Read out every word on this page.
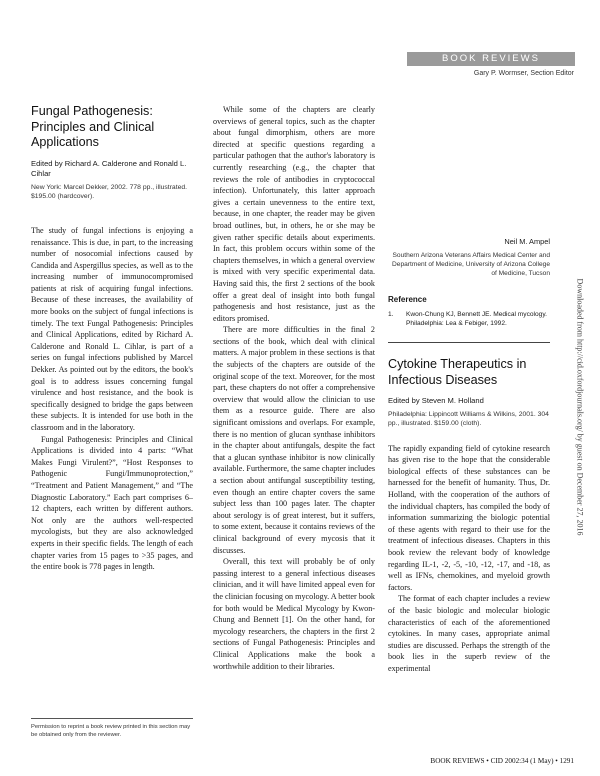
BOOK REVIEWS
Gary P. Wormser, Section Editor
Fungal Pathogenesis: Principles and Clinical Applications
Edited by Richard A. Calderone and Ronald L. Cihlar
New York: Marcel Dekker, 2002. 778 pp., illustrated. $195.00 (hardcover).

The study of fungal infections is enjoying a renaissance. This is due, in part, to the increasing number of nosocomial infections caused by Candida and Aspergillus species, as well as to the increasing number of immunocompromised patients at risk of acquiring fungal infections. Because of these increases, the availability of more books on the subject of fungal infections is timely. The text Fungal Pathogenesis: Principles and Clinical Applications, edited by Richard A. Calderone and Ronald L. Cihlar, is part of a series on fungal infections published by Marcel Dekker. As pointed out by the editors, the book's goal is to address issues concerning fungal virulence and host resistance, and the book is specifically designed to bridge the gaps between these subjects. It is intended for use both in the classroom and in the laboratory.

Fungal Pathogenesis: Principles and Clinical Applications is divided into 4 parts: “What Makes Fungi Virulent?”, “Host Responses to Pathogenic Fungi/Immunoprotection,” “Treatment and Patient Management,” and “The Diagnostic Laboratory.” Each part comprises 6–12 chapters, each written by different authors. Not only are the authors well-respected mycologists, but they are also acknowledged experts in their specific fields. The length of each chapter varies from 15 pages to >35 pages, and the entire book is 778 pages in length.

While some of the chapters are clearly overviews of general topics, such as the chapter about fungal dimorphism, others are more directed at specific questions regarding a particular pathogen that the author's laboratory is currently researching (e.g., the chapter that reviews the role of antibodies in cryptococcal infection). Unfortunately, this latter approach gives a certain unevenness to the entire text, because, in one chapter, the reader may be given broad outlines, but, in others, he or she may be given rather specific details about experiments. In fact, this problem occurs within some of the chapters themselves, in which a general overview is mixed with very specific experimental data. Having said this, the first 2 sections of the book offer a great deal of insight into both fungal pathogenesis and host resistance, just as the editors promised.

There are more difficulties in the final 2 sections of the book, which deal with clinical matters. A major problem in these sections is that the subjects of the chapters are outside of the original scope of the text. Moreover, for the most part, these chapters do not offer a comprehensive overview that would allow the clinician to use them as a resource guide. There are also significant omissions and overlaps. For example, there is no mention of glucan synthase inhibitors in the chapter about antifungals, despite the fact that a glucan synthase inhibitor is now clinically available. Furthermore, the same chapter includes a section about antifungal susceptibility testing, even though an entire chapter covers the same subject less than 100 pages later. The chapter about serology is of great interest, but it suffers, to some extent, because it contains reviews of the clinical background of every mycosis that it discusses.

Overall, this text will probably be of only passing interest to a general infectious diseases clinician, and it will have limited appeal even for the clinician focusing on mycology. A better book for both would be Medical Mycology by Kwon-Chung and Bennett [1]. On the other hand, for mycology researchers, the chapters in the first 2 sections of Fungal Pathogenesis: Principles and Clinical Applications make the book a worthwhile addition to their libraries.

Neil M. Ampel
Southern Arizona Veterans Affairs Medical Center and Department of Medicine, University of Arizona College of Medicine, Tucson
Reference
1.	Kwon-Chung KJ, Bennett JE. Medical mycology. Philadelphia: Lea & Febiger, 1992.
Cytokine Therapeutics in Infectious Diseases
Edited by Steven M. Holland
Philadelphia: Lippincott Williams & Wilkins, 2001. 304 pp., illustrated. $159.00 (cloth).

The rapidly expanding field of cytokine research has given rise to the hope that the considerable biological effects of these substances can be harnessed for the benefit of humanity. Thus, Dr. Holland, with the cooperation of the authors of the individual chapters, has compiled the body of information summarizing the biologic potential of these agents with regard to their use for the treatment of infectious diseases. Chapters in this book review the relevant body of knowledge regarding IL-1, -2, -5, -10, -12, -17, and -18, as well as IFNs, chemokines, and myeloid growth factors.

The format of each chapter includes a review of the basic biologic and molecular biologic characteristics of each of the aforementioned cytokines. In many cases, appropriate animal studies are discussed. Perhaps the strength of the book lies in the superb review of the experimental

Permission to reprint a book review printed in this section may be obtained only from the reviewer.
BOOK REVIEWS • CID 2002:34 (1 May) • 1291
Downloaded from http://cid.oxfordjournals.org/ by guest on December 27, 2016
